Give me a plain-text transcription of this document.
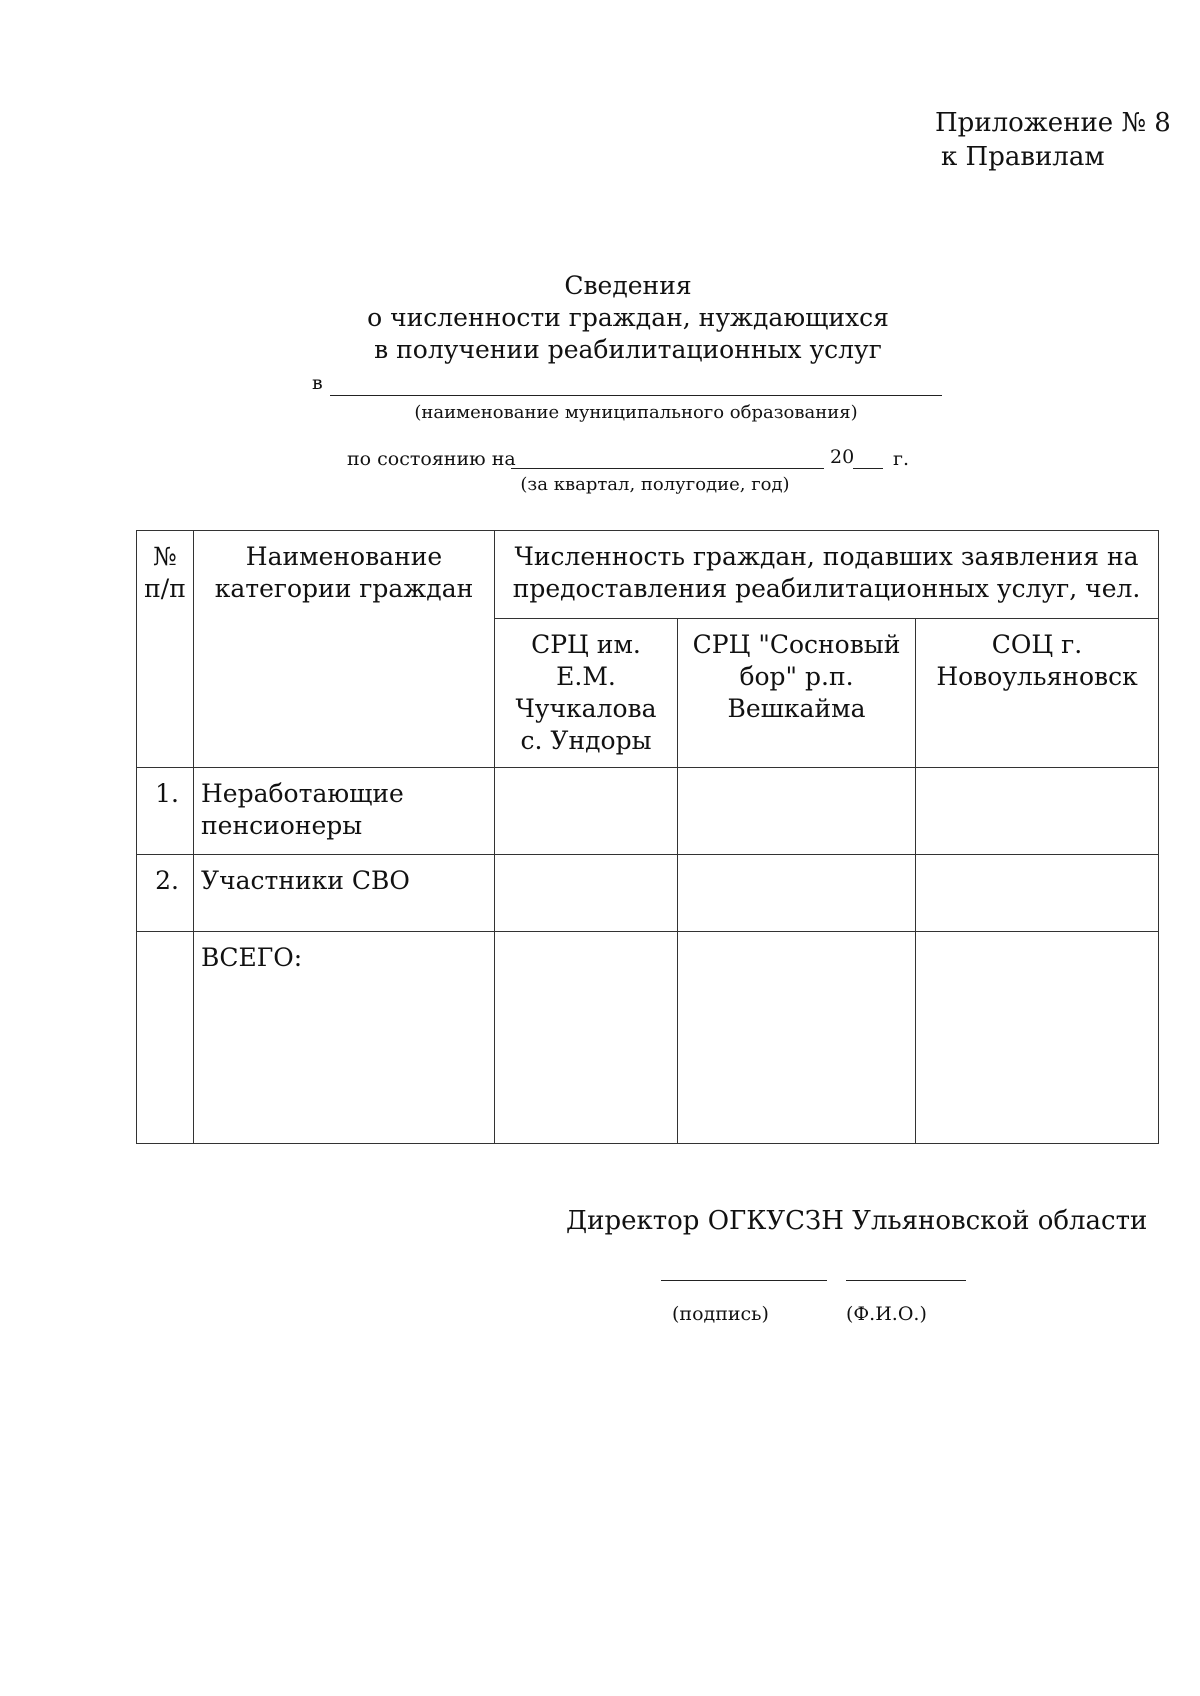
Приложение № 8
к Правилам
Сведения
о численности граждан, нуждающихся
в получении реабилитационных услуг
в
(наименование муниципального образования)
по состоянию на	20 г.
(за квартал, полугодие, год)
№
п/п	Наименование категории граждан	Численность граждан, подавших заявления на предоставления реабилитационных услуг, чел.		
		СРЦ им. Е.М. Чучкалова с. Ундоры	СРЦ "Сосновый бор" р.п. Вешкайма	СОЦ г. Новоульяновск
1.	Неработающие пенсионеры			
2.	Участники СВО			
	ВСЕГО:			
Директор ОГКУСЗН Ульяновской области
(подпись)	(Ф.И.О.)
